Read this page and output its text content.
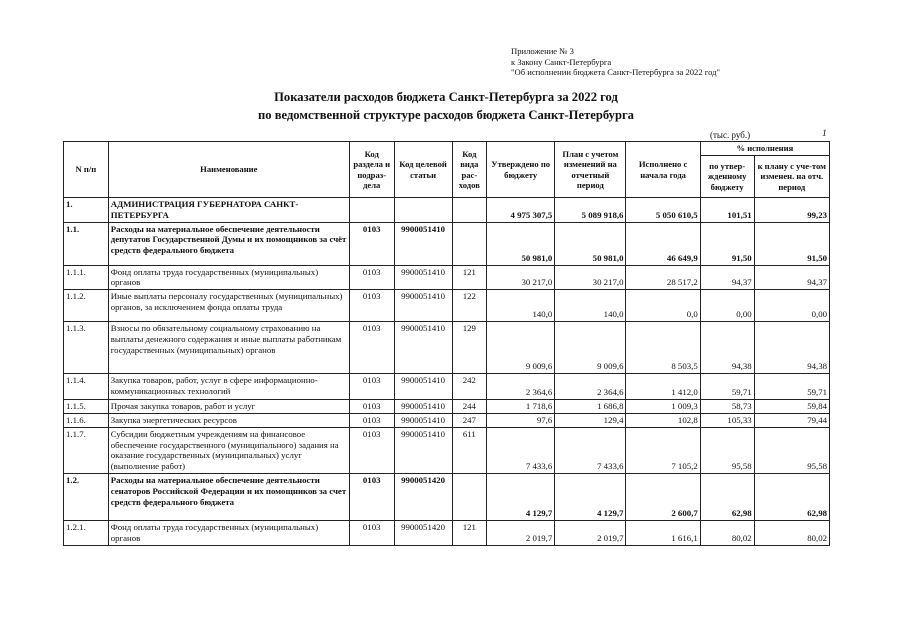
Приложение № 3
к Закону Санкт-Петербурга
"Об исполнении бюджета Санкт-Петербурга за 2022 год"
Показатели расходов бюджета Санкт-Петербурга за 2022 год
по ведомственной структуре расходов бюджета Санкт-Петербурга
(тыс. руб.)	1
N п/п	Наименование	Код раздела и подраз-дела	Код целевой статьи	Код вида рас-ходов	Утверждено по бюджету	План с учетом изменений на отчетный период	Исполнено с начала года	% исполнения	
								по утвер-жденному бюджету	к плану с уче-том изменен. на отч. период
1.	АДМИНИСТРАЦИЯ ГУБЕРНАТОРА САНКТ-ПЕТЕРБУРГА				4 975 307,5	5 089 918,6	5 050 610,5	101,51	99,23
1.1.	Расходы на материальное обеспечение деятельности депутатов Государственной Думы и их помощников за счёт средств федерального бюджета	0103	9900051410		50 981,0	50 981,0	46 649,9	91,50	91,50
1.1.1.	Фонд оплаты труда государственных (муниципальных) органов	0103	9900051410	121	30 217,0	30 217,0	28 517,2	94,37	94,37
1.1.2.	Иные выплаты персоналу государственных (муниципальных) органов, за исключением фонда оплаты труда	0103	9900051410	122	140,0	140,0	0,0	0,00	0,00
1.1.3.	Взносы по обязательному социальному страхованию на выплаты денежного содержания и иные выплаты работникам государственных (муниципальных) органов	0103	9900051410	129	9 009,6	9 009,6	8 503,5	94,38	94,38
1.1.4.	Закупка товаров, работ, услуг в сфере информационно-коммуникационных технологий	0103	9900051410	242	2 364,6	2 364,6	1 412,0	59,71	59,71
1.1.5.	Прочая закупка товаров, работ и услуг	0103	9900051410	244	1 718,6	1 686,8	1 009,3	58,73	59,84
1.1.6.	Закупка энергетических ресурсов	0103	9900051410	247	97,6	129,4	102,8	105,33	79,44
1.1.7.	Субсидии бюджетным учреждениям на финансовое обеспечение государственного (муниципального) задания на оказание государственных (муниципальных) услуг (выполнение работ)	0103	9900051410	611	7 433,6	7 433,6	7 105,2	95,58	95,58
1.2.	Расходы на материальное обеспечение деятельности сенаторов Российской Федерации и их помощников за счет средств федерального бюджета	0103	9900051420		4 129,7	4 129,7	2 600,7	62,98	62,98
1.2.1.	Фонд оплаты труда государственных (муниципальных) органов	0103	9900051420	121	2 019,7	2 019,7	1 616,1	80,02	80,02
